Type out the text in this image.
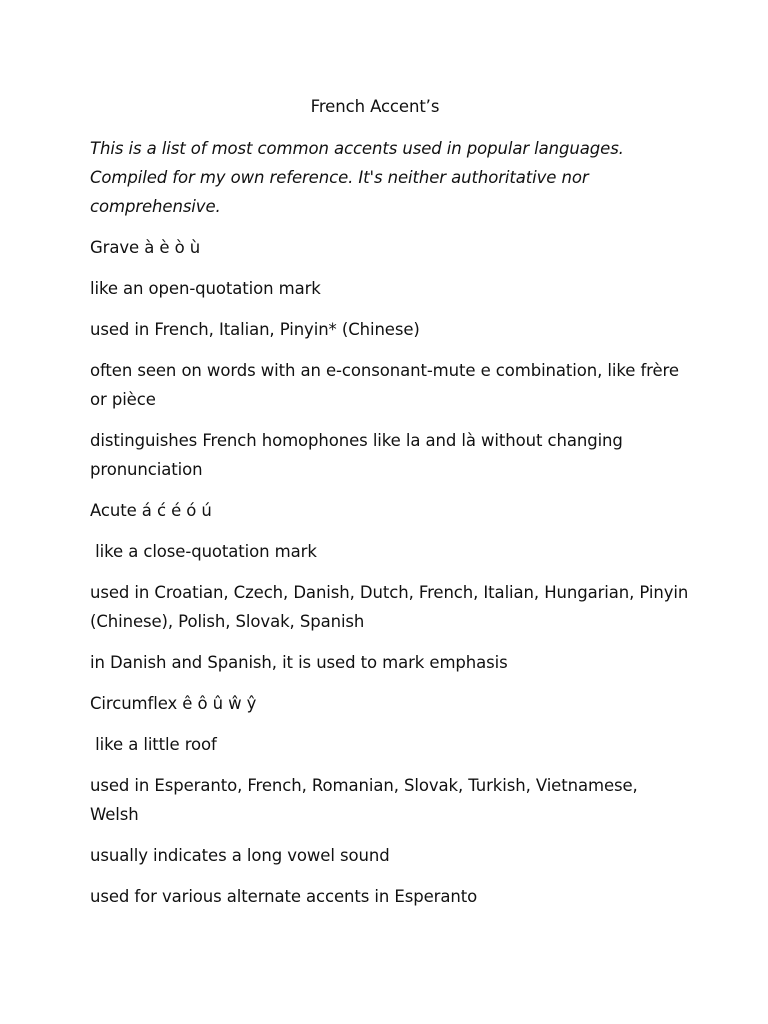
French Accent’s
This is a list of most common accents used in popular languages. Compiled for my own reference. It's neither authoritative nor comprehensive.
Grave à è ò ù
like an open-quotation mark
used in French, Italian, Pinyin* (Chinese)
often seen on words with an e-consonant-mute e combination, like frère or pièce
distinguishes French homophones like la and là without changing pronunciation
Acute á ć é ó ú
like a close-quotation mark
used in Croatian, Czech, Danish, Dutch, French, Italian, Hungarian, Pinyin (Chinese), Polish, Slovak, Spanish
in Danish and Spanish, it is used to mark emphasis
Circumflex ê ô û ŵ ŷ
like a little roof
used in Esperanto, French, Romanian, Slovak, Turkish, Vietnamese, Welsh
usually indicates a long vowel sound
used for various alternate accents in Esperanto
